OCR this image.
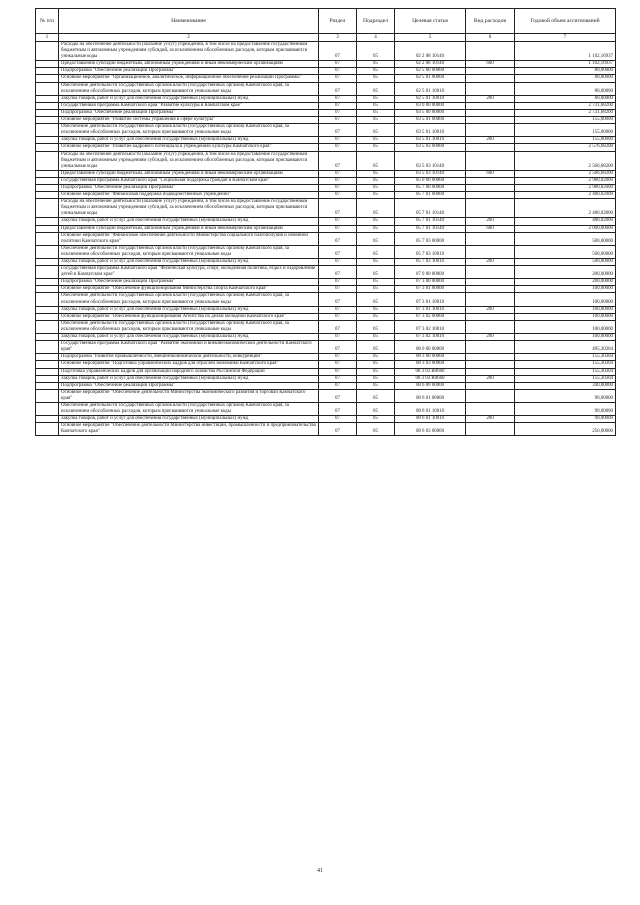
№ п/п	Наименование	Раздел	Подраздел	Целевая статья	Вид расходов	Годовой объем ассигнований
1	2	3	4	5	6	7
	Расходы на обеспечение деятельности (оказание услуг) учреждений, в том числе на предоставление государственным бюджетным и автономным учреждениям субсидий, за исключением обособленных расходов, которым присваиваются уникальные коды	07	05	02 2 08 10140		1 102,16937
	Предоставление субсидий бюджетным, автономным учреждениям и иным некоммерческим организациям	07	05	02 2 08 10140	600	1 102,16937
	Подпрограмма "Обеспечение реализации Программы"	07	05	02 5 00 00000		80,00000
	Основное мероприятие "Организационное, аналитическое, информационное обеспечение реализации Программы"	07	05	02 5 01 00000		80,00000
	Обеспечение деятельности государственных органов власти (государственных органов) Камчатского края, за исключением обособленных расходов, которым присваиваются уникальные коды	07	05	02 5 01 10010		80,00000
	Закупка товаров, работ и услуг для обеспечения государственных (муниципальных) нужд	07	05	02 5 01 10010	200	80,00000
	Государственная программа Камчатского края "Развитие культуры в Камчатском крае"	07	05	03 0 00 00000		2 731,68200
	Подпрограмма "Обеспечение реализации Программы"	07	05	03 5 00 00000		2 731,68200
	Основное мероприятие "Развитие системы управления в сфере культуры"	07	05	03 5 01 00000		155,00000
	Обеспечение деятельности государственных органов власти (государственных органов) Камчатского края, за исключением обособленных расходов, которым присваиваются уникальные коды	07	05	03 5 01 10010		155,00000
	Закупка товаров, работ и услуг для обеспечения государственных (муниципальных) нужд	07	05	03 5 01 10010	200	155,00000
	Основное мероприятие "Развитие кадрового потенциала в учреждениях культуры Камчатского края"	07	05	03 5 03 00000		2 576,68200
	Расходы на обеспечение деятельности (оказание услуг) учреждений, в том числе на предоставление государственным бюджетным и автономным учреждениям субсидий, за исключением обособленных расходов, которым присваиваются уникальные коды	07	05	03 5 03 10140		2 566,68200
	Предоставление субсидий бюджетным, автономным учреждениям и иным некоммерческим организациям	07	05	03 5 03 10140	600	2 566,68200
	Государственная программа Камчатского края "Социальная поддержка граждан в Камчатском крае"	07	05	05 0 00 00000		2 980,02000
	Подпрограмма "Обеспечение реализации Программы"	07	05	05 7 00 00000		2 980,02000
	Основное мероприятие "Финансовая поддержка подведомственных учреждений"	07	05	05 7 01 00000		2 480,02000
	Расходы на обеспечение деятельности (оказание услуг) учреждений, в том числе на предоставление государственным бюджетным и автономным учреждениям субсидий, за исключением обособленных расходов, которым присваиваются уникальные коды	07	05	05 7 01 10140		2 480,02000
	Закупка товаров, работ и услуг для обеспечения государственных (муниципальных) нужд	07	05	05 7 01 10140	200	480,02000
	Предоставление субсидий бюджетным, автономным учреждениям и иным некоммерческим организациям	07	05	05 7 01 10140	600	2 000,00000
	Основное мероприятие "Финансовое обеспечение деятельности Министерства социального благополучия и семейной политики Камчатского края"	07	05	05 7 03 00000		500,00000
	Обеспечение деятельности государственных органов власти (государственных органов) Камчатского края, за исключением обособленных расходов, которым присваиваются уникальные коды	07	05	05 7 03 10010		500,00000
	Закупка товаров, работ и услуг для обеспечения государственных (муниципальных) нужд	07	05	05 7 03 10010	200	500,00000
	Государственная программа Камчатского края "Физическая культура, спорт, молодежная политика, отдых и оздоровление детей в Камчатском крае"	07	05	07 0 00 00000		200,00000
	Подпрограмма "Обеспечение реализации Программы"	07	05	07 3 00 00000		200,00000
	Основное мероприятие "Обеспечение функционирования Министерства спорта Камчатского края"	07	05	07 3 01 00000		100,00000
	Обеспечение деятельности государственных органов власти (государственных органов) Камчатского края, за исключением обособленных расходов, которым присваиваются уникальные коды	07	05	07 3 01 10010		100,00000
	Закупка товаров, работ и услуг для обеспечения государственных (муниципальных) нужд	07	05	07 3 01 10010	200	100,00000
	Основное мероприятие "Обеспечение функционирования Агентства по делам молодежи Камчатского края"	07	05	07 3 02 00000		100,00000
	Обеспечение деятельности государственных органов власти (государственных органов) Камчатского края, за исключением обособленных расходов, которым присваиваются уникальные коды	07	05	07 3 02 10010		100,00000
	Закупка товаров, работ и услуг для обеспечения государственных (муниципальных) нужд	07	05	07 3 02 10010	200	100,00000
	Государственная программа Камчатского края "Развитие экономики и внешнеэкономической деятельности Камчатского края"	07	05	08 0 00 00000		495,30304
	Подпрограмма "Развитие промышленности, внешнеэкономической деятельности, конкуренции"	07	05	08 3 00 00000		155,30304
	Основное мероприятие "Подготовка управленческих кадров для отраслей экономики Камчатского края"	07	05	08 3 03 00000		155,30304
	Подготовка управленческих кадров для организаций народного хозяйства Российской Федерации	07	05	08 3 03 R0660		155,30304
	Закупка товаров, работ и услуг для обеспечения государственных (муниципальных) нужд	07	05	08 3 03 R0660	200	155,30304
	Подпрограмма "Обеспечение реализации Программы"	07	05	08 6 00 00000		340,00000
	Основное мероприятие "Обеспечение деятельности Министерства экономического развития и торговли Камчатского края"	07	05	08 6 01 00000		90,00000
	Обеспечение деятельности государственных органов власти (государственных органов) Камчатского края, за исключением обособленных расходов, которым присваиваются уникальные коды	07	05	08 6 01 10010		90,00000
	Закупка товаров, работ и услуг для обеспечения государственных (муниципальных) нужд	07	05	08 6 01 10010	200	90,00000
	Основное мероприятие "Обеспечение деятельности Министерства инвестиций, промышленности и предпринимательства Камчатского края"	07	05	08 6 03 00000		250,00000
41
